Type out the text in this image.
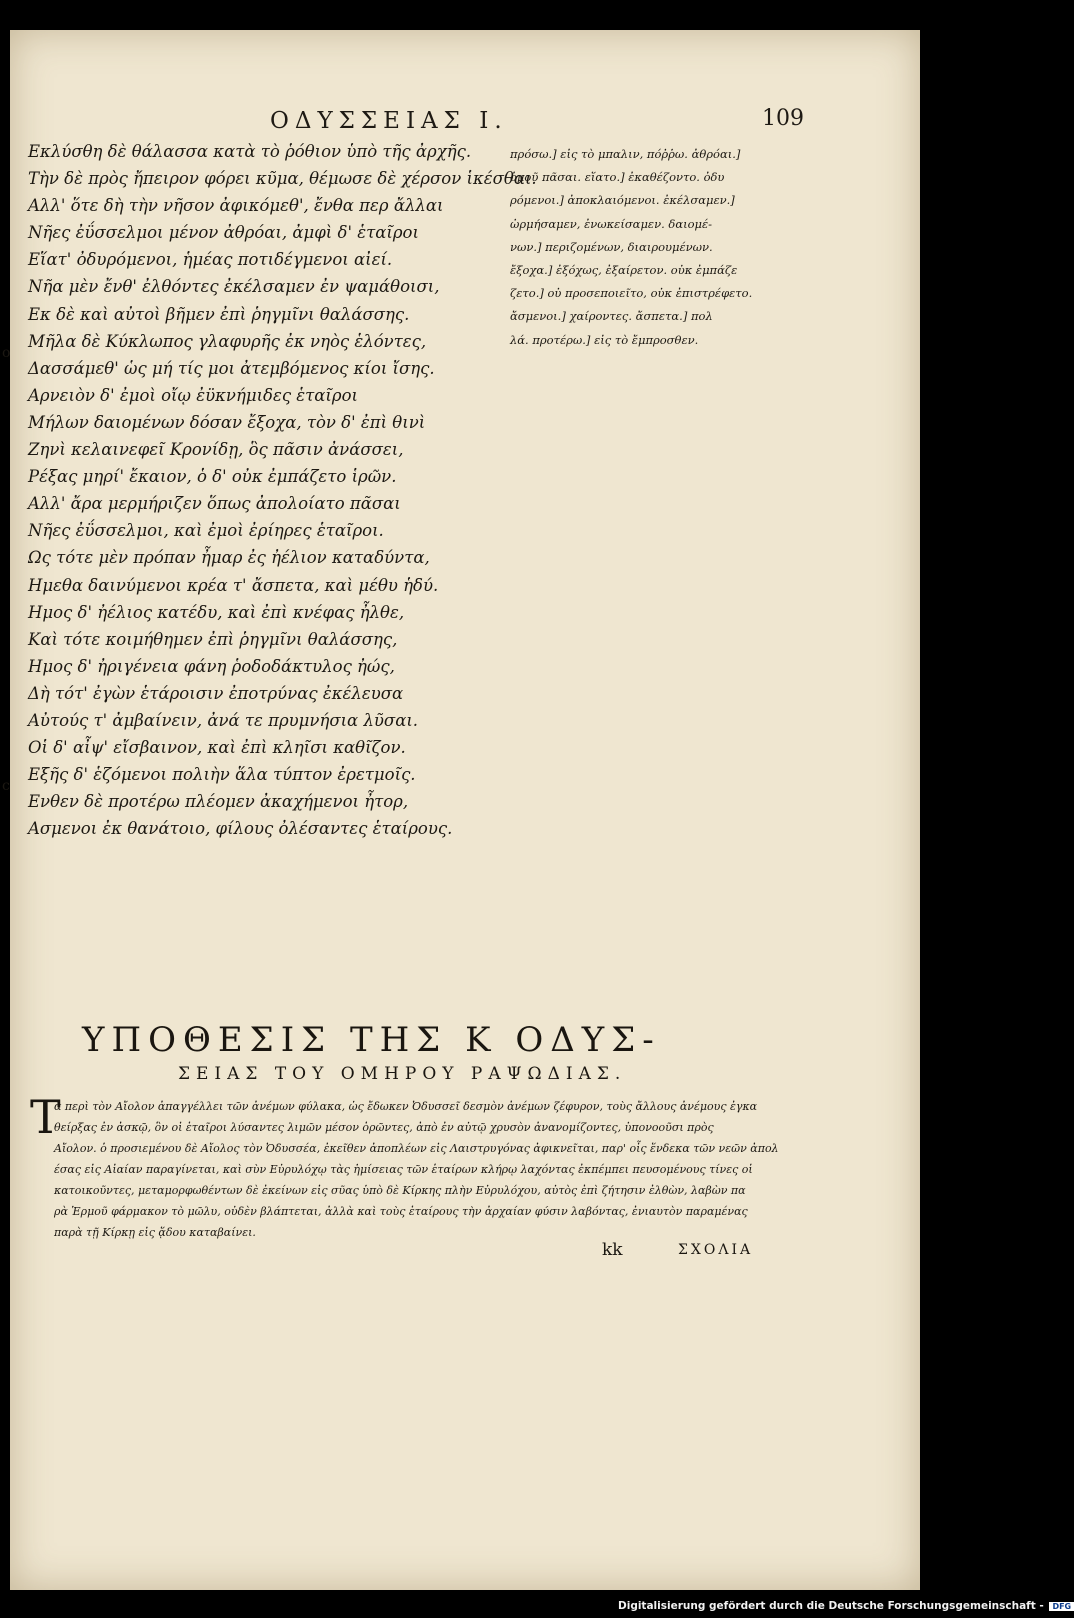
ΟΔΥΣΣΕΙΑΣ Ι.	109
Εκλύσθη δὲ θάλασσα κατὰ τὸ ῥόθιον ὑπὸ τῆς ἀρχῆς.
Τὴν δὲ πρὸς ἤπειρον φόρει κῦμα, θέμωσε δὲ χέρσον ἱκέσθαι.
Αλλ' ὅτε δὴ τὴν νῆσον ἀφικόμεθ', ἔνθα περ ἄλλαι
Νῆες ἐΰσσελμοι μένον ἀθρόαι, ἀμφὶ δ' ἑταῖροι
Εἵατ' ὀδυρόμενοι, ἡμέας ποτιδέγμενοι αἰεί.
Νῆα μὲν ἔνθ' ἐλθόντες ἐκέλσαμεν ἐν ψαμάθοισι,
Εκ δὲ καὶ αὐτοὶ βῆμεν ἐπὶ ῥηγμῖνι θαλάσσης.
Μῆλα δὲ Κύκλωπος γλαφυρῆς ἐκ νηὸς ἑλόντες,
Δασσάμεθ' ὡς μή τίς μοι ἀτεμβόμενος κίοι ἴσης.
Αρνειὸν δ' ἐμοὶ οἴῳ ἐϋκνήμιδες ἑταῖροι
Μήλων δαιομένων δόσαν ἔξοχα, τὸν δ' ἐπὶ θινὶ
Ζηνὶ κελαινεφεῖ Κρονίδῃ, ὃς πᾶσιν ἀνάσσει,
Ρέξας μηρί' ἔκαιον, ὁ δ' οὐκ ἐμπάζετο ἱρῶν.
Αλλ' ἄρα μερμήριζεν ὅπως ἀπολοίατο πᾶσαι
Νῆες ἐΰσσελμοι, καὶ ἐμοὶ ἐρίηρες ἑταῖροι.
Ως τότε μὲν πρόπαν ἦμαρ ἐς ἠέλιον καταδύντα,
Ημεθα δαινύμενοι κρέα τ' ἄσπετα, καὶ μέθυ ἡδύ.
Ημος δ' ἠέλιος κατέδυ, καὶ ἐπὶ κνέφας ἦλθε,
Καὶ τότε κοιμήθημεν ἐπὶ ῥηγμῖνι θαλάσσης,
Ημος δ' ἠριγένεια φάνη ῥοδοδάκτυλος ἠώς,
Δὴ τότ' ἐγὼν ἑτάροισιν ἐποτρύνας ἐκέλευσα
Αὐτούς τ' ἀμβαίνειν, ἀνά τε πρυμνήσια λῦσαι.
Οἱ δ' αἶψ' εἴσβαινον, καὶ ἐπὶ κληῖσι καθῖζον.
Εξῆς δ' ἑζόμενοι πολιὴν ἅλα τύπτον ἐρετμοῖς.
Ενθεν δὲ προτέρω πλέομεν ἀκαχήμενοι ἦτορ,
Ασμενοι ἐκ θανάτοιο, φίλους ὀλέσαντες ἑταίρους.
πρόσω.] εἰς τὸ μπαλιν, πόῤῥω. ἀθρόαι.]
ὁμοῦ πᾶσαι. εἵατο.] ἐκαθέζοντο. ὀδυ
ρόμενοι.] ἀποκλαιόμενοι. ἐκέλσαμεν.]
ὡρμήσαμεν, ἐνωκείσαμεν. δαιομέ-
νων.] περιζομένων, διαιρουμένων.
ἔξοχα.] ἐξόχως, ἐξαίρετον. οὐκ ἐμπάζε
ζετο.] οὐ προσεποιεῖτο, οὐκ ἐπιστρέφετο.
ἄσμενοι.] χαίροντες. ἄσπετα.] πολ
λά. προτέρω.] εἰς τὸ ἔμπροσθεν.
ΥΠΟΘΕΣΙΣ ΤΗΣ Κ ΟΔΥΣ-
ΣΕΙΑΣ ΤΟΥ ΟΜΗΡΟΥ ΡΑΨΩΔΙΑΣ.
Τ
ὰ περὶ τὸν Αἴολον ἀπαγγέλλει τῶν ἀνέμων φύλακα, ὡς ἔδωκεν Ὀδυσσεῖ δεσμὸν ἀνέμων ζέφυρον, τοὺς ἄλλους ἀνέμους ἐγκα
θείρξας ἐν ἀσκῷ, ὃν οἱ ἑταῖροι λύσαντες λιμῶν μέσον ὁρῶντες, ἀπὸ ἐν αὐτῷ χρυσὸν ἀνανομίζοντες, ὑπονοοῦσι πρὸς
Αἴολον. ὁ προσιεμένου δὲ Αἴολος τὸν Ὀδυσσέα, ἐκεῖθεν ἀποπλέων εἰς Λαιστρυγόνας ἀφικνεῖται, παρ' οἷς ἕνδεκα τῶν νεῶν ἀπολ
έσας εἰς Αἰαίαν παραγίνεται, καὶ σὺν Εὐρυλόχῳ τὰς ἡμίσειας τῶν ἑταίρων κλήρῳ λαχόντας ἐκπέμπει πευσομένους τίνες οἱ
κατοικοῦντες, μεταμορφωθέντων δὲ ἐκείνων εἰς σῦας ὑπὸ δὲ Κίρκης πλὴν Εὐρυλόχου, αὐτὸς ἐπὶ ζήτησιν ἐλθὼν, λαβὼν πα
ρὰ Ἑρμοῦ φάρμακον τὸ μῶλυ, οὐδὲν βλάπτεται, ἀλλὰ καὶ τοὺς ἑταίρους τὴν ἀρχαίαν φύσιν λαβόντας, ἐνιαυτὸν παραμένας
παρὰ τῇ Κίρκῃ εἰς ᾅδου καταβαίνει.
kk	ΣΧΟΛΙΑ
o
c
Digitalisierung gefördert durch die Deutsche Forschungsgemeinschaft - DFG
